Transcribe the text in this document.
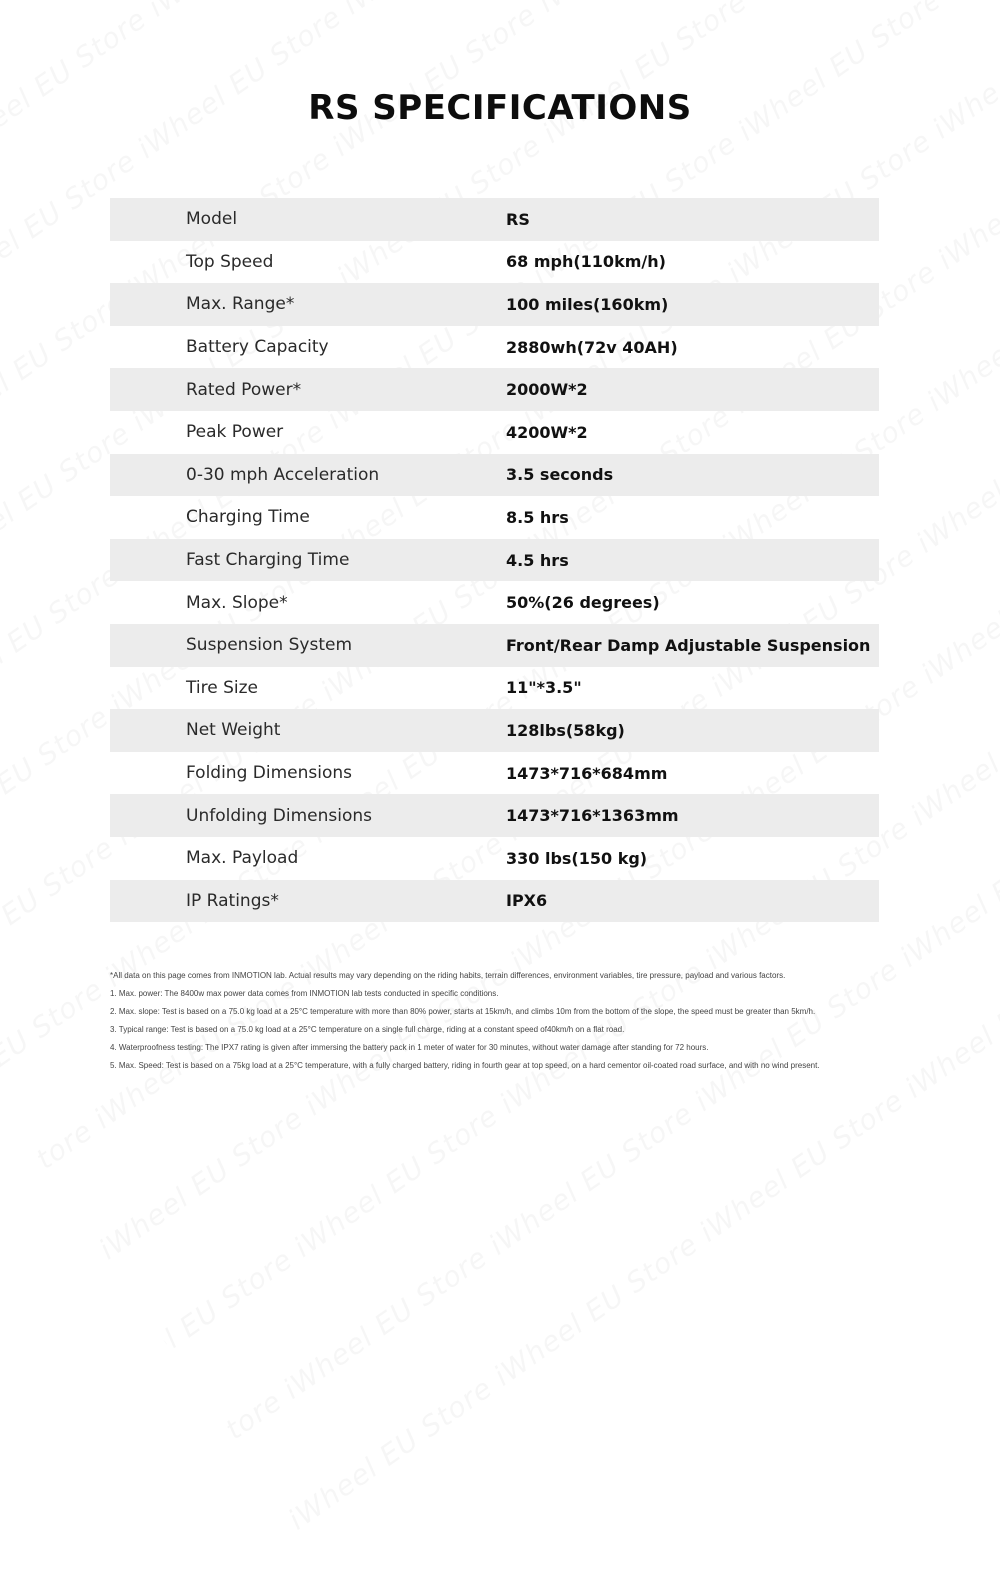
RS SPECIFICATIONS
Model	RS
Top Speed	68 mph(110km/h)
Max. Range*	100 miles(160km)
Battery Capacity	2880wh(72v 40AH)
Rated Power*	2000W*2
Peak Power	4200W*2
0-30 mph Acceleration	3.5 seconds
Charging Time	8.5 hrs
Fast Charging Time	4.5 hrs
Max. Slope*	50%(26 degrees)
Suspension System	Front/Rear Damp Adjustable Suspension
Tire Size	11"*3.5"
Net Weight	128lbs(58kg)
Folding Dimensions	1473*716*684mm
Unfolding Dimensions	1473*716*1363mm
Max. Payload	330 lbs(150 kg)
IP Ratings*	IPX6
*All data on this page comes from INMOTION lab. Actual results may vary depending on the riding habits, terrain differences, environment variables, tire pressure, payload and various factors.
1. Max. power: The 8400w max power data comes from INMOTION lab tests conducted in specific conditions.
2. Max. slope: Test is based on a 75.0 kg load at a 25°C temperature with more than 80% power, starts at 15km/h, and climbs 10m from the bottom of the slope, the speed must be greater than 5km/h.
3. Typical range: Test is based on a 75.0 kg load at a 25°C temperature on a single full charge, riding at a constant speed of40km/h on a flat road.
4. Waterproofness testing: The IPX7 rating is given after immersing the battery pack in 1 meter of water for 30 minutes, without water damage after standing for 72 hours.
5. Max. Speed: Test is based on a 75kg load at a 25°C temperature, with a fully charged battery, riding in fourth gear at top speed, on a hard cementor oil-coated road surface, and with no wind present.
